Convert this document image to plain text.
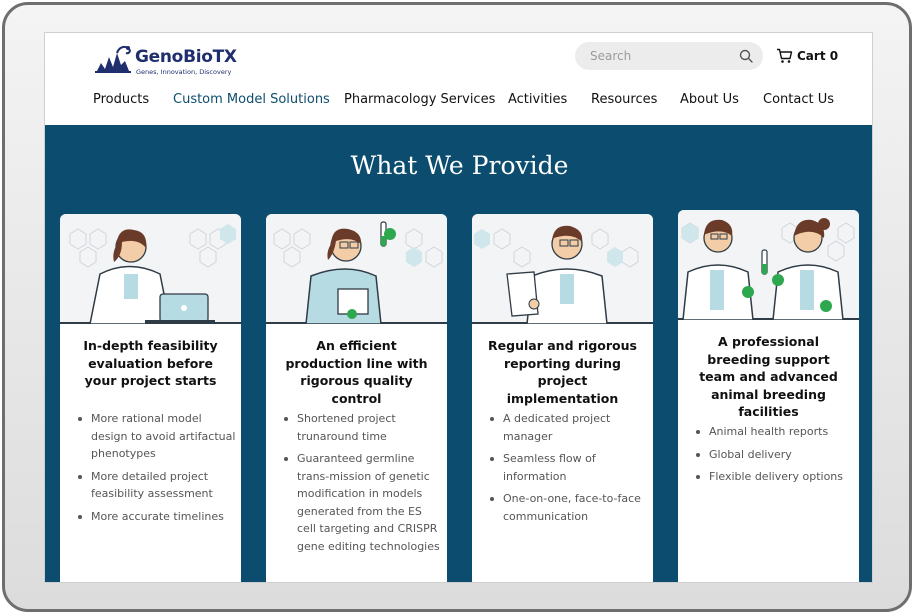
GenoBioTX
Genes, Innovation, Discovery
Search	Cart 0
Products Custom Model Solutions Pharmacology Services Activities Resources About Us Contact Us
What We Provide
In-depth feasibility evaluation before your project starts
More rational model design to avoid artifactual phenotypes
More detailed project feasibility assessment
More accurate timelines
An efficient production line with rigorous quality control
Shortened project trunaround time
Guaranteed germline trans-mission of genetic modification in models generated from the ES cell targeting and CRISPR gene editing technologies
Regular and rigorous reporting during project implementation
A dedicated project manager
Seamless flow of information
One-on-one, face-to-face communication
A professional breeding support team and advanced animal breeding facilities
Animal health reports
Global delivery
Flexible delivery options
